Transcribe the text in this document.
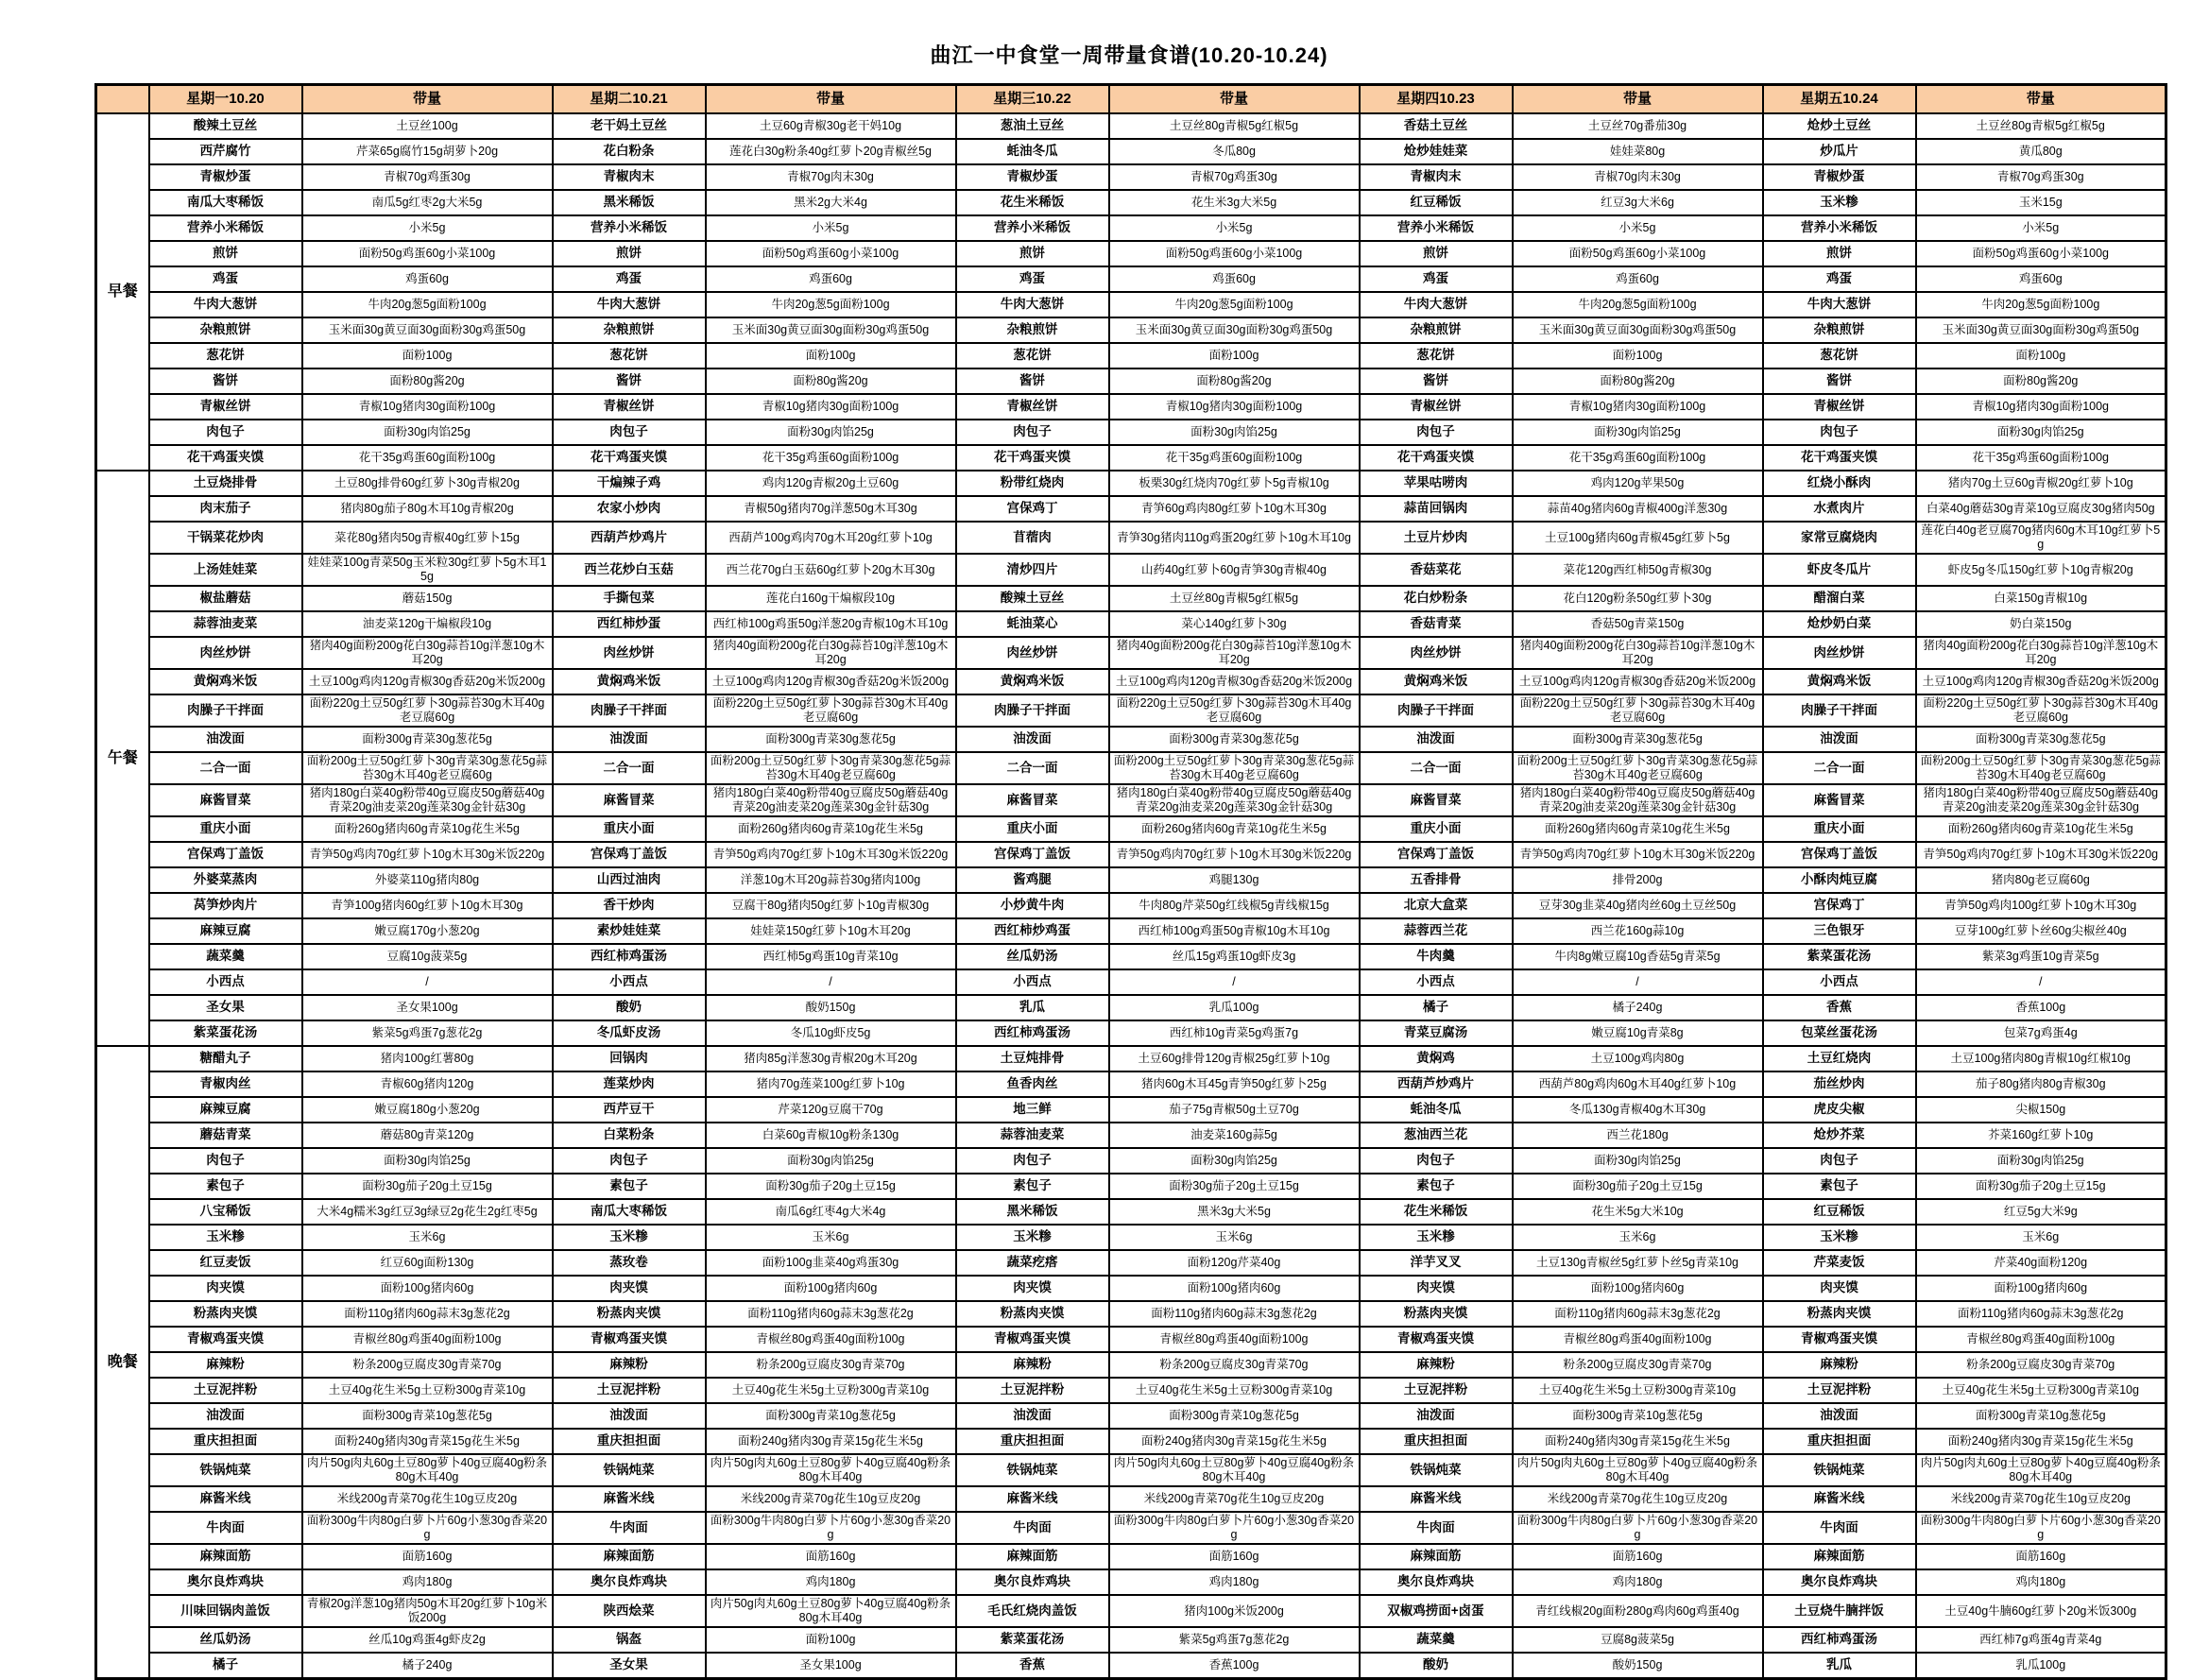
曲江一中食堂一周带量食谱(10.20-10.24)
	星期一10.20	带量	星期二10.21	带量	星期三10.22	带量	星期四10.23	带量	星期五10.24	带量
早餐	酸辣土豆丝	土豆丝100g	老干妈土豆丝	土豆60g青椒30g老干妈10g	葱油土豆丝	土豆丝80g青椒5g红椒5g	香菇土豆丝	土豆丝70g番茄30g	炝炒土豆丝	土豆丝80g青椒5g红椒5g
	西芹腐竹	芹菜65g腐竹15g胡萝卜20g	花白粉条	莲花白30g粉条40g红萝卜20g青椒丝5g	蚝油冬瓜	冬瓜80g	炝炒娃娃菜	娃娃菜80g	炒瓜片	黄瓜80g
	青椒炒蛋	青椒70g鸡蛋30g	青椒肉末	青椒70g肉末30g	青椒炒蛋	青椒70g鸡蛋30g	青椒肉末	青椒70g肉末30g	青椒炒蛋	青椒70g鸡蛋30g
	南瓜大枣稀饭	南瓜5g红枣2g大米5g	黑米稀饭	黑米2g大米4g	花生米稀饭	花生米3g大米5g	红豆稀饭	红豆3g大米6g	玉米糁	玉米15g
	营养小米稀饭	小米5g	营养小米稀饭	小米5g	营养小米稀饭	小米5g	营养小米稀饭	小米5g	营养小米稀饭	小米5g
	煎饼	面粉50g鸡蛋60g小菜100g	煎饼	面粉50g鸡蛋60g小菜100g	煎饼	面粉50g鸡蛋60g小菜100g	煎饼	面粉50g鸡蛋60g小菜100g	煎饼	面粉50g鸡蛋60g小菜100g
	鸡蛋	鸡蛋60g	鸡蛋	鸡蛋60g	鸡蛋	鸡蛋60g	鸡蛋	鸡蛋60g	鸡蛋	鸡蛋60g
	牛肉大葱饼	牛肉20g葱5g面粉100g	牛肉大葱饼	牛肉20g葱5g面粉100g	牛肉大葱饼	牛肉20g葱5g面粉100g	牛肉大葱饼	牛肉20g葱5g面粉100g	牛肉大葱饼	牛肉20g葱5g面粉100g
	杂粮煎饼	玉米面30g黄豆面30g面粉30g鸡蛋50g	杂粮煎饼	玉米面30g黄豆面30g面粉30g鸡蛋50g	杂粮煎饼	玉米面30g黄豆面30g面粉30g鸡蛋50g	杂粮煎饼	玉米面30g黄豆面30g面粉30g鸡蛋50g	杂粮煎饼	玉米面30g黄豆面30g面粉30g鸡蛋50g
	葱花饼	面粉100g	葱花饼	面粉100g	葱花饼	面粉100g	葱花饼	面粉100g	葱花饼	面粉100g
	酱饼	面粉80g酱20g	酱饼	面粉80g酱20g	酱饼	面粉80g酱20g	酱饼	面粉80g酱20g	酱饼	面粉80g酱20g
	青椒丝饼	青椒10g猪肉30g面粉100g	青椒丝饼	青椒10g猪肉30g面粉100g	青椒丝饼	青椒10g猪肉30g面粉100g	青椒丝饼	青椒10g猪肉30g面粉100g	青椒丝饼	青椒10g猪肉30g面粉100g
	肉包子	面粉30g肉馅25g	肉包子	面粉30g肉馅25g	肉包子	面粉30g肉馅25g	肉包子	面粉30g肉馅25g	肉包子	面粉30g肉馅25g
	花干鸡蛋夹馍	花干35g鸡蛋60g面粉100g	花干鸡蛋夹馍	花干35g鸡蛋60g面粉100g	花干鸡蛋夹馍	花干35g鸡蛋60g面粉100g	花干鸡蛋夹馍	花干35g鸡蛋60g面粉100g	花干鸡蛋夹馍	花干35g鸡蛋60g面粉100g
午餐	土豆烧排骨	土豆80g排骨60g红萝卜30g青椒20g	干煸辣子鸡	鸡肉120g青椒20g土豆60g	粉带红烧肉	板栗30g红烧肉70g红萝卜5g青椒10g	苹果咕唠肉	鸡肉120g苹果50g	红烧小酥肉	猪肉70g土豆60g青椒20g红萝卜10g
	肉末茄子	猪肉80g茄子80g木耳10g青椒20g	农家小炒肉	青椒50g猪肉70g洋葱50g木耳30g	宫保鸡丁	青笋60g鸡肉80g红萝卜10g木耳30g	蒜苗回锅肉	蒜苗40g猪肉60g青椒400g洋葱30g	水煮肉片	白菜40g蘑菇30g青菜10g豆腐皮30g猪肉50g
	干锅菜花炒肉	菜花80g猪肉50g青椒40g红萝卜15g	西葫芦炒鸡片	西葫芦100g鸡肉70g木耳20g红萝卜10g	苜蓿肉	青笋30g猪肉110g鸡蛋20g红萝卜10g木耳10g	土豆片炒肉	土豆100g猪肉60g青椒45g红萝卜5g	家常豆腐烧肉	莲花白40g老豆腐70g猪肉60g木耳10g红萝卜5g
	上汤娃娃菜	娃娃菜100g青菜50g玉米粒30g红萝卜5g木耳15g	西兰花炒白玉菇	西兰花70g白玉菇60g红萝卜20g木耳30g	清炒四片	山药40g红萝卜60g青笋30g青椒40g	香菇菜花	菜花120g西红柿50g青椒30g	虾皮冬瓜片	虾皮5g冬瓜150g红萝卜10g青椒20g
	椒盐蘑菇	蘑菇150g	手撕包菜	莲花白160g干煸椒段10g	酸辣土豆丝	土豆丝80g青椒5g红椒5g	花白炒粉条	花白120g粉条50g红萝卜30g	醋溜白菜	白菜150g青椒10g
	蒜蓉油麦菜	油麦菜120g干煸椒段10g	西红柿炒蛋	西红柿100g鸡蛋50g洋葱20g青椒10g木耳10g	蚝油菜心	菜心140g红萝卜30g	香菇青菜	香菇50g青菜150g	炝炒奶白菜	奶白菜150g
	肉丝炒饼	猪肉40g面粉200g花白30g蒜苔10g洋葱10g木耳20g	肉丝炒饼	猪肉40g面粉200g花白30g蒜苔10g洋葱10g木耳20g	肉丝炒饼	猪肉40g面粉200g花白30g蒜苔10g洋葱10g木耳20g	肉丝炒饼	猪肉40g面粉200g花白30g蒜苔10g洋葱10g木耳20g	肉丝炒饼	猪肉40g面粉200g花白30g蒜苔10g洋葱10g木耳20g
	黄焖鸡米饭	土豆100g鸡肉120g青椒30g香菇20g米饭200g	黄焖鸡米饭	土豆100g鸡肉120g青椒30g香菇20g米饭200g	黄焖鸡米饭	土豆100g鸡肉120g青椒30g香菇20g米饭200g	黄焖鸡米饭	土豆100g鸡肉120g青椒30g香菇20g米饭200g	黄焖鸡米饭	土豆100g鸡肉120g青椒30g香菇20g米饭200g
	肉臊子干拌面	面粉220g土豆50g红萝卜30g蒜苔30g木耳40g老豆腐60g	肉臊子干拌面	面粉220g土豆50g红萝卜30g蒜苔30g木耳40g老豆腐60g	肉臊子干拌面	面粉220g土豆50g红萝卜30g蒜苔30g木耳40g老豆腐60g	肉臊子干拌面	面粉220g土豆50g红萝卜30g蒜苔30g木耳40g老豆腐60g	肉臊子干拌面	面粉220g土豆50g红萝卜30g蒜苔30g木耳40g老豆腐60g
	油泼面	面粉300g青菜30g葱花5g	油泼面	面粉300g青菜30g葱花5g	油泼面	面粉300g青菜30g葱花5g	油泼面	面粉300g青菜30g葱花5g	油泼面	面粉300g青菜30g葱花5g
	二合一面	面粉200g土豆50g红萝卜30g青菜30g葱花5g蒜苔30g木耳40g老豆腐60g	二合一面	面粉200g土豆50g红萝卜30g青菜30g葱花5g蒜苔30g木耳40g老豆腐60g	二合一面	面粉200g土豆50g红萝卜30g青菜30g葱花5g蒜苔30g木耳40g老豆腐60g	二合一面	面粉200g土豆50g红萝卜30g青菜30g葱花5g蒜苔30g木耳40g老豆腐60g	二合一面	面粉200g土豆50g红萝卜30g青菜30g葱花5g蒜苔30g木耳40g老豆腐60g
	麻酱冒菜	猪肉180g白菜40g粉带40g豆腐皮50g蘑菇40g青菜20g油麦菜20g莲菜30g金针菇30g	麻酱冒菜	猪肉180g白菜40g粉带40g豆腐皮50g蘑菇40g青菜20g油麦菜20g莲菜30g金针菇30g	麻酱冒菜	猪肉180g白菜40g粉带40g豆腐皮50g蘑菇40g青菜20g油麦菜20g莲菜30g金针菇30g	麻酱冒菜	猪肉180g白菜40g粉带40g豆腐皮50g蘑菇40g青菜20g油麦菜20g莲菜30g金针菇30g	麻酱冒菜	猪肉180g白菜40g粉带40g豆腐皮50g蘑菇40g青菜20g油麦菜20g莲菜30g金针菇30g
	重庆小面	面粉260g猪肉60g青菜10g花生米5g	重庆小面	面粉260g猪肉60g青菜10g花生米5g	重庆小面	面粉260g猪肉60g青菜10g花生米5g	重庆小面	面粉260g猪肉60g青菜10g花生米5g	重庆小面	面粉260g猪肉60g青菜10g花生米5g
	宫保鸡丁盖饭	青笋50g鸡肉70g红萝卜10g木耳30g米饭220g	宫保鸡丁盖饭	青笋50g鸡肉70g红萝卜10g木耳30g米饭220g	宫保鸡丁盖饭	青笋50g鸡肉70g红萝卜10g木耳30g米饭220g	宫保鸡丁盖饭	青笋50g鸡肉70g红萝卜10g木耳30g米饭220g	宫保鸡丁盖饭	青笋50g鸡肉70g红萝卜10g木耳30g米饭220g
	外婆菜蒸肉	外婆菜110g猪肉80g	山西过油肉	洋葱10g木耳20g蒜苔30g猪肉100g	酱鸡腿	鸡腿130g	五香排骨	排骨200g	小酥肉炖豆腐	猪肉80g老豆腐60g
	莴笋炒肉片	青笋100g猪肉60g红萝卜10g木耳30g	香干炒肉	豆腐干80g猪肉50g红萝卜10g青椒30g	小炒黄牛肉	牛肉80g芹菜50g红线椒5g青线椒15g	北京大盒菜	豆芽30g韭菜40g猪肉丝60g土豆丝50g	宫保鸡丁	青笋50g鸡肉100g红萝卜10g木耳30g
	麻辣豆腐	嫩豆腐170g小葱20g	素炒娃娃菜	娃娃菜150g红萝卜10g木耳20g	西红柿炒鸡蛋	西红柿100g鸡蛋50g青椒10g木耳10g	蒜蓉西兰花	西兰花160g蒜10g	三色银牙	豆芽100g红萝卜丝60g尖椒丝40g
	蔬菜羹	豆腐10g菠菜5g	西红柿鸡蛋汤	西红柿5g鸡蛋10g青菜10g	丝瓜奶汤	丝瓜15g鸡蛋10g虾皮3g	牛肉羹	牛肉8g嫩豆腐10g香菇5g青菜5g	紫菜蛋花汤	紫菜3g鸡蛋10g青菜5g
	小西点	/	小西点	/	小西点	/	小西点	/	小西点	/
	圣女果	圣女果100g	酸奶	酸奶150g	乳瓜	乳瓜100g	橘子	橘子240g	香蕉	香蕉100g
	紫菜蛋花汤	紫菜5g鸡蛋7g葱花2g	冬瓜虾皮汤	冬瓜10g虾皮5g	西红柿鸡蛋汤	西红柿10g青菜5g鸡蛋7g	青菜豆腐汤	嫩豆腐10g青菜8g	包菜丝蛋花汤	包菜7g鸡蛋4g
晚餐	糖醋丸子	猪肉100g红薯80g	回锅肉	猪肉85g洋葱30g青椒20g木耳20g	土豆炖排骨	土豆60g排骨120g青椒25g红萝卜10g	黄焖鸡	土豆100g鸡肉80g	土豆红烧肉	土豆100g猪肉80g青椒10g红椒10g
	青椒肉丝	青椒60g猪肉120g	莲菜炒肉	猪肉70g莲菜100g红萝卜10g	鱼香肉丝	猪肉60g木耳45g青笋50g红萝卜25g	西葫芦炒鸡片	西葫芦80g鸡肉60g木耳40g红萝卜10g	茄丝炒肉	茄子80g猪肉80g青椒30g
	麻辣豆腐	嫩豆腐180g小葱20g	西芹豆干	芹菜120g豆腐干70g	地三鲜	茄子75g青椒50g土豆70g	蚝油冬瓜	冬瓜130g青椒40g木耳30g	虎皮尖椒	尖椒150g
	蘑菇青菜	蘑菇80g青菜120g	白菜粉条	白菜60g青椒10g粉条130g	蒜蓉油麦菜	油麦菜160g蒜5g	葱油西兰花	西兰花180g	炝炒芥菜	芥菜160g红萝卜10g
	肉包子	面粉30g肉馅25g	肉包子	面粉30g肉馅25g	肉包子	面粉30g肉馅25g	肉包子	面粉30g肉馅25g	肉包子	面粉30g肉馅25g
	素包子	面粉30g茄子20g土豆15g	素包子	面粉30g茄子20g土豆15g	素包子	面粉30g茄子20g土豆15g	素包子	面粉30g茄子20g土豆15g	素包子	面粉30g茄子20g土豆15g
	八宝稀饭	大米4g糯米3g红豆3g绿豆2g花生2g红枣5g	南瓜大枣稀饭	南瓜6g红枣4g大米4g	黑米稀饭	黑米3g大米5g	花生米稀饭	花生米5g大米10g	红豆稀饭	红豆5g大米9g
	玉米糁	玉米6g	玉米糁	玉米6g	玉米糁	玉米6g	玉米糁	玉米6g	玉米糁	玉米6g
	红豆麦饭	红豆60g面粉130g	蒸玫卷	面粉100g韭菜40g鸡蛋30g	蔬菜疙瘩	面粉120g芹菜40g	洋芋叉叉	土豆130g青椒丝5g红萝卜丝5g青菜10g	芹菜麦饭	芹菜40g面粉120g
	肉夹馍	面粉100g猪肉60g	肉夹馍	面粉100g猪肉60g	肉夹馍	面粉100g猪肉60g	肉夹馍	面粉100g猪肉60g	肉夹馍	面粉100g猪肉60g
	粉蒸肉夹馍	面粉110g猪肉60g蒜末3g葱花2g	粉蒸肉夹馍	面粉110g猪肉60g蒜末3g葱花2g	粉蒸肉夹馍	面粉110g猪肉60g蒜末3g葱花2g	粉蒸肉夹馍	面粉110g猪肉60g蒜末3g葱花2g	粉蒸肉夹馍	面粉110g猪肉60g蒜末3g葱花2g
	青椒鸡蛋夹馍	青椒丝80g鸡蛋40g面粉100g	青椒鸡蛋夹馍	青椒丝80g鸡蛋40g面粉100g	青椒鸡蛋夹馍	青椒丝80g鸡蛋40g面粉100g	青椒鸡蛋夹馍	青椒丝80g鸡蛋40g面粉100g	青椒鸡蛋夹馍	青椒丝80g鸡蛋40g面粉100g
	麻辣粉	粉条200g豆腐皮30g青菜70g	麻辣粉	粉条200g豆腐皮30g青菜70g	麻辣粉	粉条200g豆腐皮30g青菜70g	麻辣粉	粉条200g豆腐皮30g青菜70g	麻辣粉	粉条200g豆腐皮30g青菜70g
	土豆泥拌粉	土豆40g花生米5g土豆粉300g青菜10g	土豆泥拌粉	土豆40g花生米5g土豆粉300g青菜10g	土豆泥拌粉	土豆40g花生米5g土豆粉300g青菜10g	土豆泥拌粉	土豆40g花生米5g土豆粉300g青菜10g	土豆泥拌粉	土豆40g花生米5g土豆粉300g青菜10g
	油泼面	面粉300g青菜10g葱花5g	油泼面	面粉300g青菜10g葱花5g	油泼面	面粉300g青菜10g葱花5g	油泼面	面粉300g青菜10g葱花5g	油泼面	面粉300g青菜10g葱花5g
	重庆担担面	面粉240g猪肉30g青菜15g花生米5g	重庆担担面	面粉240g猪肉30g青菜15g花生米5g	重庆担担面	面粉240g猪肉30g青菜15g花生米5g	重庆担担面	面粉240g猪肉30g青菜15g花生米5g	重庆担担面	面粉240g猪肉30g青菜15g花生米5g
	铁锅炖菜	肉片50g肉丸60g土豆80g萝卜40g豆腐40g粉条80g木耳40g	铁锅炖菜	肉片50g肉丸60g土豆80g萝卜40g豆腐40g粉条80g木耳40g	铁锅炖菜	肉片50g肉丸60g土豆80g萝卜40g豆腐40g粉条80g木耳40g	铁锅炖菜	肉片50g肉丸60g土豆80g萝卜40g豆腐40g粉条80g木耳40g	铁锅炖菜	肉片50g肉丸60g土豆80g萝卜40g豆腐40g粉条80g木耳40g
	麻酱米线	米线200g青菜70g花生10g豆皮20g	麻酱米线	米线200g青菜70g花生10g豆皮20g	麻酱米线	米线200g青菜70g花生10g豆皮20g	麻酱米线	米线200g青菜70g花生10g豆皮20g	麻酱米线	米线200g青菜70g花生10g豆皮20g
	牛肉面	面粉300g牛肉80g白萝卜片60g小葱30g香菜20g	牛肉面	面粉300g牛肉80g白萝卜片60g小葱30g香菜20g	牛肉面	面粉300g牛肉80g白萝卜片60g小葱30g香菜20g	牛肉面	面粉300g牛肉80g白萝卜片60g小葱30g香菜20g	牛肉面	面粉300g牛肉80g白萝卜片60g小葱30g香菜20g
	麻辣面筋	面筋160g	麻辣面筋	面筋160g	麻辣面筋	面筋160g	麻辣面筋	面筋160g	麻辣面筋	面筋160g
	奥尔良炸鸡块	鸡肉180g	奥尔良炸鸡块	鸡肉180g	奥尔良炸鸡块	鸡肉180g	奥尔良炸鸡块	鸡肉180g	奥尔良炸鸡块	鸡肉180g
	川味回锅肉盖饭	青椒20g洋葱10g猪肉50g木耳20g红萝卜10g米饭200g	陕西烩菜	肉片50g肉丸60g土豆80g萝卜40g豆腐40g粉条80g木耳40g	毛氏红烧肉盖饭	猪肉100g米饭200g	双椒鸡捞面+卤蛋	青红线椒20g面粉280g鸡肉60g鸡蛋40g	土豆烧牛腩拌饭	土豆40g牛腩60g红萝卜20g米饭300g
	丝瓜奶汤	丝瓜10g鸡蛋4g虾皮2g	锅盔	面粉100g	紫菜蛋花汤	紫菜5g鸡蛋7g葱花2g	蔬菜羹	豆腐8g菠菜5g	西红柿鸡蛋汤	西红柿7g鸡蛋4g青菜4g
	橘子	橘子240g	圣女果	圣女果100g	香蕉	香蕉100g	酸奶	酸奶150g	乳瓜	乳瓜100g
